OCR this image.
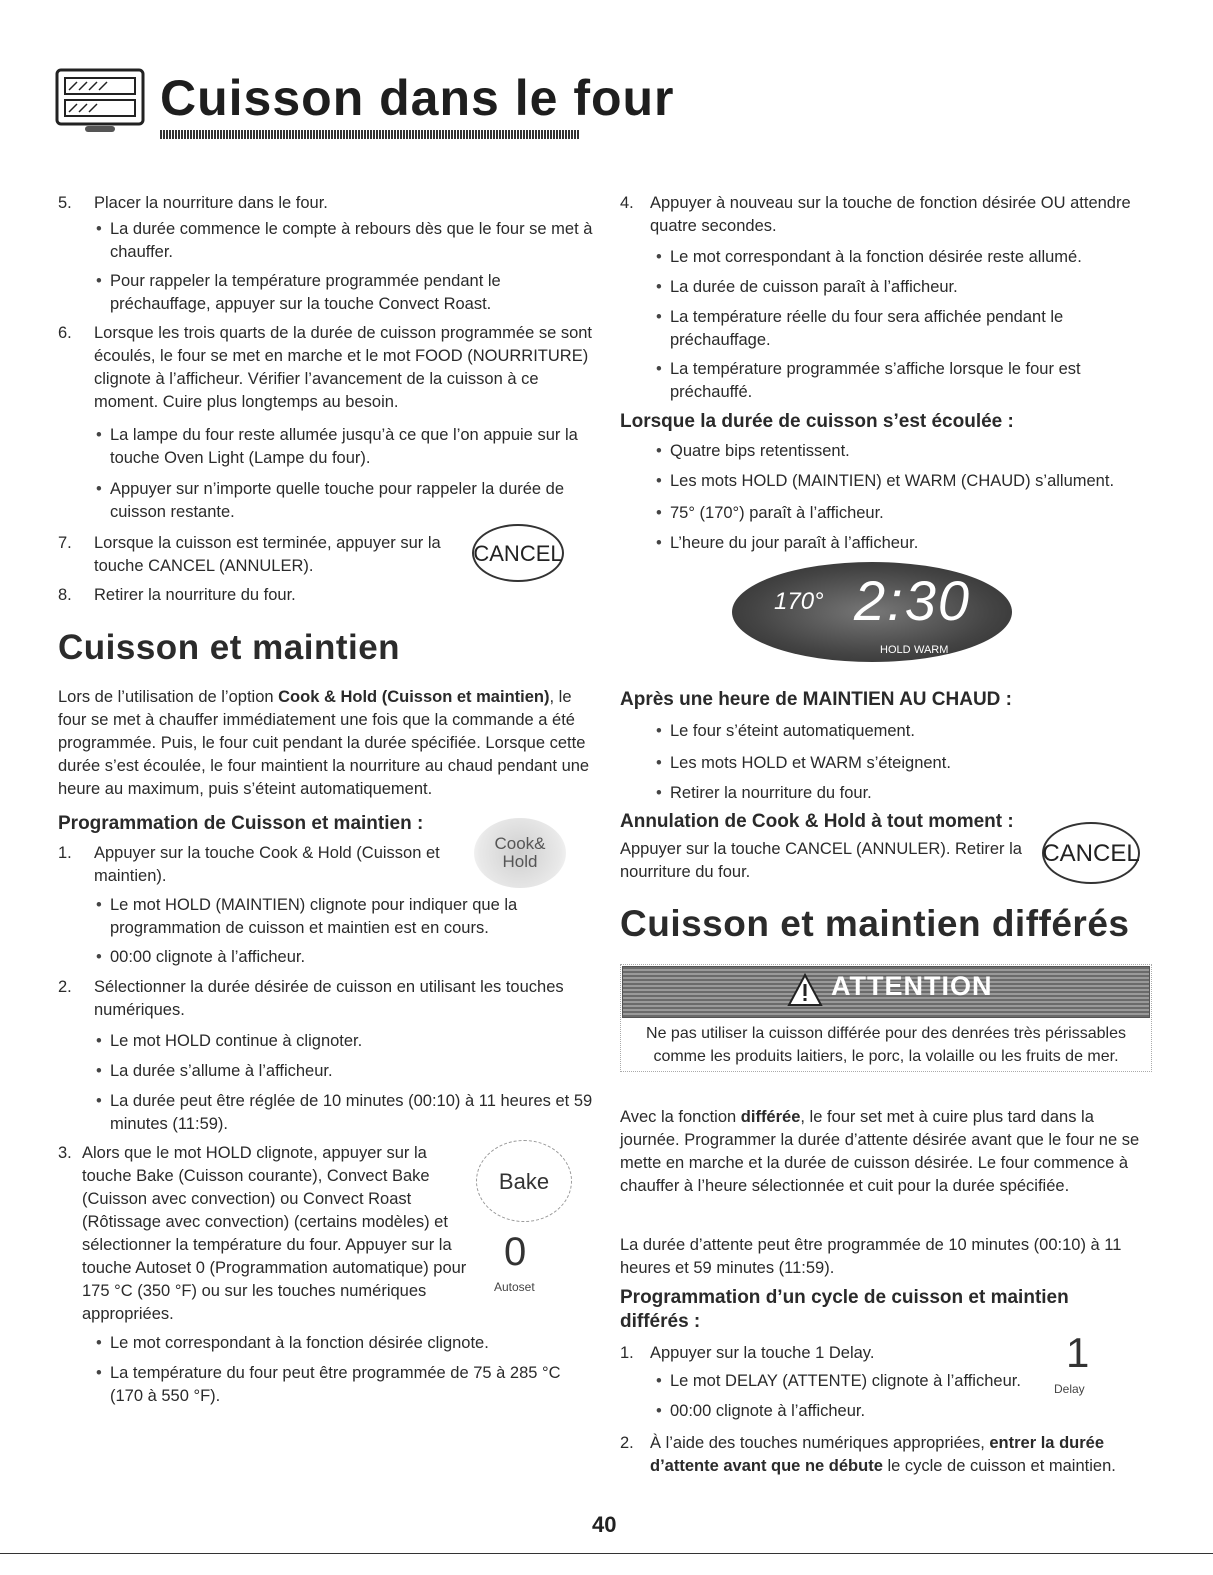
Cuisson dans le four
5. Placer la nourriture dans le four.
• La durée commence le compte à rebours dès que le four se met à chauffer.
• Pour rappeler la température programmée pendant le préchauffage, appuyer sur la touche Convect Roast.
6. Lorsque les trois quarts de la durée de cuisson programmée se sont écoulés, le four se met en marche et le mot FOOD (NOURRITURE) clignote à l’afficheur. Vérifier l’avancement de la cuisson à ce moment. Cuire plus longtemps au besoin.
• La lampe du four reste allumée jusqu’à ce que l’on appuie sur la touche Oven Light (Lampe du four).
• Appuyer sur n’importe quelle touche pour rappeler la durée de cuisson restante.
7. Lorsque la cuisson est terminée, appuyer sur la touche CANCEL (ANNULER).
CANCEL
8. Retirer la nourriture du four.
Cuisson et maintien
Lors de l’utilisation de l’option Cook & Hold (Cuisson et maintien), le four se met à chauffer immédiatement une fois que la commande a été programmée. Puis, le four cuit pendant la durée spécifiée. Lorsque cette durée s’est écoulée, le four maintient la nourriture au chaud pendant une heure au maximum, puis s’éteint automatiquement.
Programmation de Cuisson et maintien :
1. Appuyer sur la touche Cook & Hold (Cuisson et maintien).
Cook&
Hold
• Le mot HOLD (MAINTIEN) clignote pour indiquer que la programmation de cuisson et maintien est en cours.
• 00:00 clignote à l’afficheur.
2. Sélectionner la durée désirée de cuisson en utilisant les touches numériques.
• Le mot HOLD continue à clignoter.
• La durée s’allume à l’afficheur.
• La durée peut être réglée de 10 minutes (00:10) à 11 heures et 59 minutes (11:59).
3. Alors que le mot HOLD clignote, appuyer sur la touche Bake (Cuisson courante), Convect Bake (Cuisson avec convection) ou Convect Roast (Rôtissage avec convection) (certains modèles) et sélectionner la température du four. Appuyer sur la touche Autoset 0 (Programmation automatique) pour 175 °C (350 °F) ou sur les touches numériques appropriées.
Bake
0
Autoset
• Le mot correspondant à la fonction désirée clignote.
• La température du four peut être programmée de 75 à 285 °C (170 à 550 °F).
4. Appuyer à nouveau sur la touche de fonction désirée OU attendre quatre secondes.
• Le mot correspondant à la fonction désirée reste allumé.
• La durée de cuisson paraît à l’afficheur.
• La température réelle du four sera affichée pendant le préchauffage.
• La température programmée s’affiche lorsque le four est préchauffé.
Lorsque la durée de cuisson s’est écoulée :
• Quatre bips retentissent.
• Les mots HOLD (MAINTIEN) et WARM (CHAUD) s’allument.
• 75° (170°) paraît à l’afficheur.
• L’heure du jour paraît à l’afficheur.
170° 2:30
HOLD WARM
Après une heure de MAINTIEN AU CHAUD :
• Le four s’éteint automatiquement.
• Les mots HOLD et WARM s’éteignent.
• Retirer la nourriture du four.
Annulation de Cook & Hold à tout moment :
Appuyer sur la touche CANCEL (ANNULER). Retirer la nourriture du four.
CANCEL
Cuisson et maintien différés
ATTENTION
Ne pas utiliser la cuisson différée pour des denrées très périssables comme les produits laitiers, le porc, la volaille ou les fruits de mer.
Avec la fonction différée, le four set met à cuire plus tard dans la journée. Programmer la durée d’attente désirée avant que le four ne se mette en marche et la durée de cuisson désirée. Le four commence à chauffer à l’heure sélectionnée et cuit pour la durée spécifiée.
La durée d’attente peut être programmée de 10 minutes (00:10) à 11 heures et 59 minutes (11:59).
Programmation d’un cycle de cuisson et maintien différés :
1. Appuyer sur la touche 1 Delay.	1
Delay
• Le mot DELAY (ATTENTE) clignote à l’afficheur.
• 00:00 clignote à l’afficheur.
2. À l’aide des touches numériques appropriées, entrer la durée d’attente avant que ne débute le cycle de cuisson et maintien.
40
